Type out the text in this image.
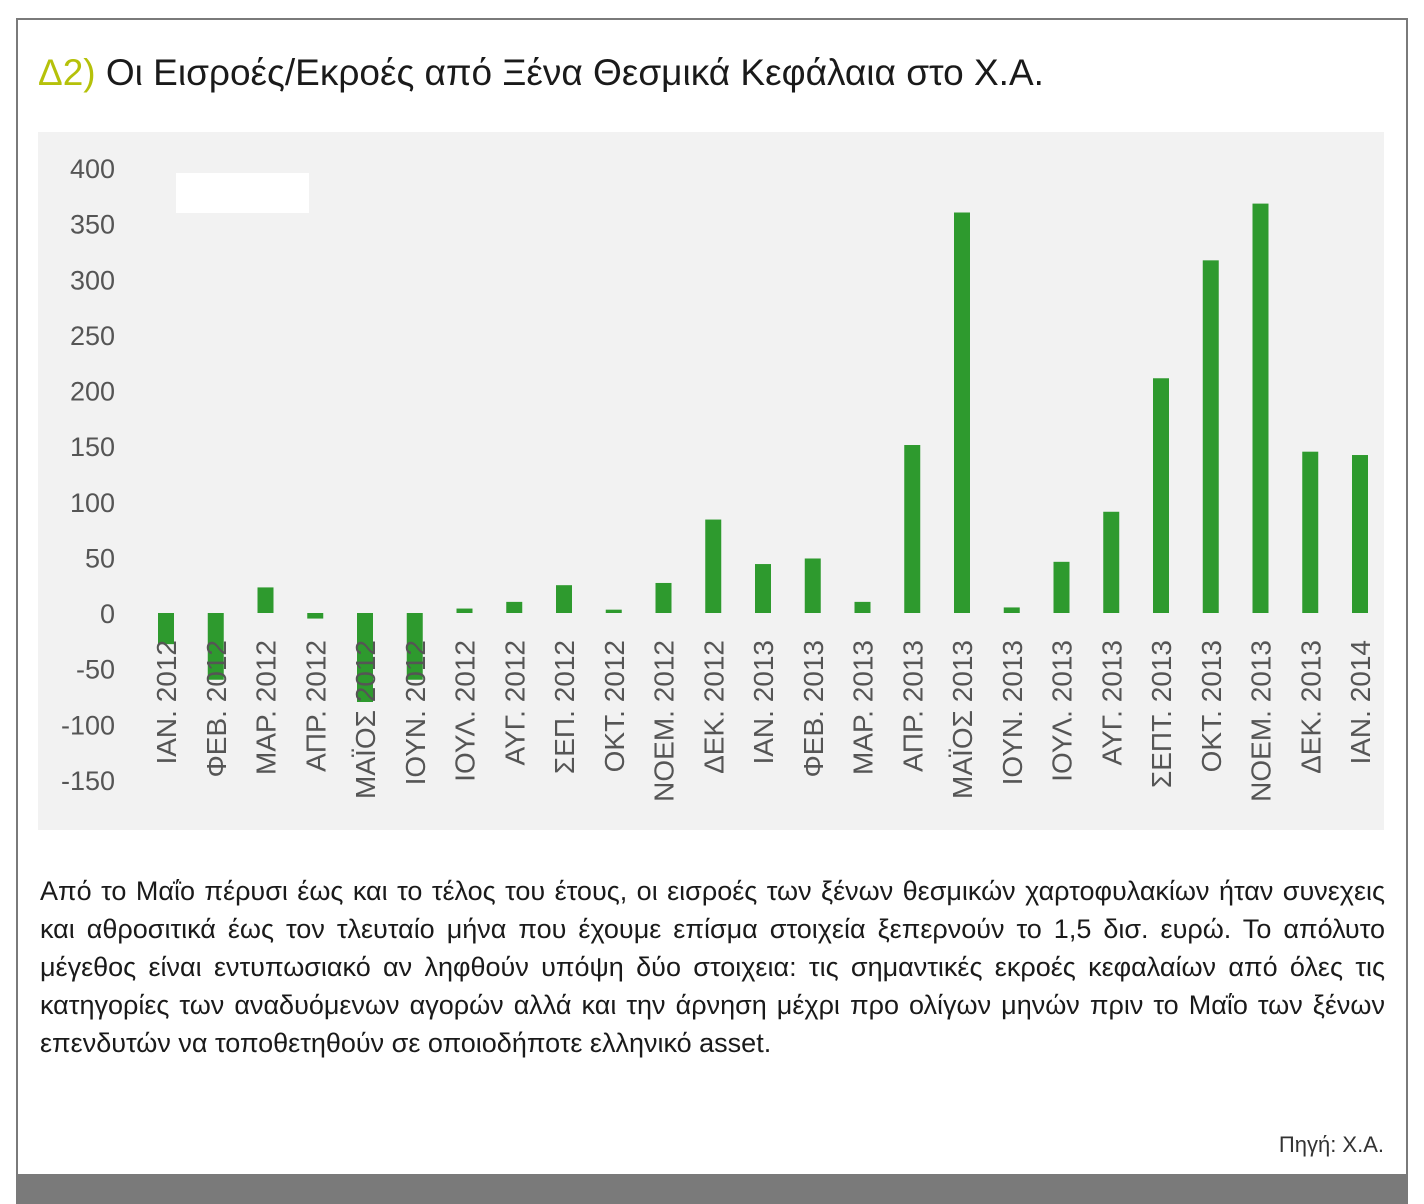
Δ2) Οι Εισροές/Εκροές από Ξένα Θεσμικά Κεφάλαια στο Χ.Α.
400
350
300
250
200
150
100
50
0
-50
-100
-150
ΙΑΝ. 2012 ΦΕΒ. 2012 ΜΑΡ. 2012 ΑΠΡ. 2012 ΜΑΪΟΣ 2012 ΙΟΥΝ. 2012 ΙΟΥΛ. 2012 ΑΥΓ. 2012 ΣΕΠ. 2012 ΟΚΤ. 2012 ΝΟΕΜ. 2012 ΔΕΚ. 2012 ΙΑΝ. 2013 ΦΕΒ. 2013 ΜΑΡ. 2013 ΑΠΡ. 2013 ΜΑΪΟΣ 2013 ΙΟΥΝ. 2013 ΙΟΥΛ. 2013 ΑΥΓ. 2013 ΣΕΠΤ. 2013 ΟΚΤ. 2013 ΝΟΕΜ. 2013 ΔΕΚ. 2013 ΙΑΝ. 2014
Από το Μαΐο πέρυσι έως και το τέλος του έτους, οι εισροές των ξένων θεσμικών χαρτοφυλακίων ήταν συνεχεις και αθροσιτικά έως τον τλευταίο μήνα που έχουμε επίσμα στοιχεία ξεπερνούν το 1,5 δισ. ευρώ. Το απόλυτο μέγεθος είναι εντυπωσιακό αν ληφθούν υπόψη δύο στοιχεια: τις σημαντικές εκροές κεφαλαίων από όλες τις κατηγορίες των αναδυόμενων αγορών αλλά και την άρνηση μέχρι προ ολίγων μηνών πριν το Μαΐο των ξένων επενδυτών να τοποθετηθούν σε οποιοδήποτε ελληνικό asset.
Πηγή: Χ.Α.
